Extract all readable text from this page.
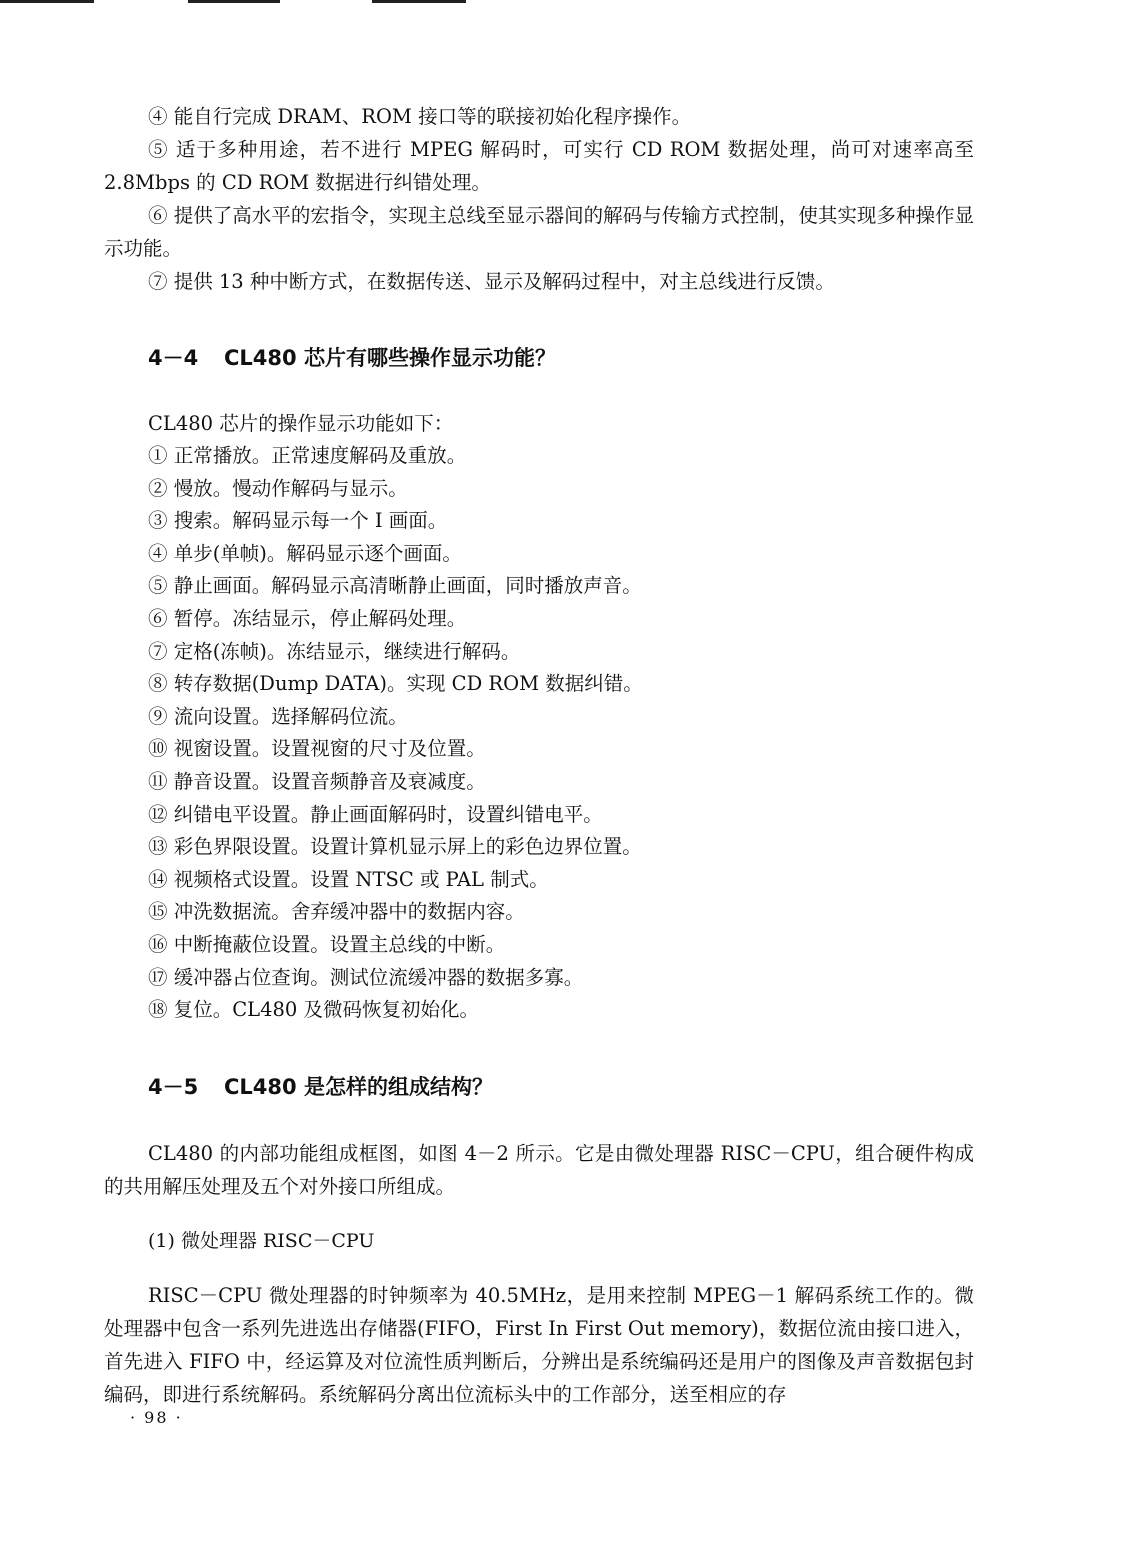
④ 能自行完成 DRAM、ROM 接口等的联接初始化程序操作。

⑤ 适于多种用途，若不进行 MPEG 解码时，可实行 CD ROM 数据处理，尚可对速率高至 2.8Mbps 的 CD ROM 数据进行纠错处理。

⑥ 提供了高水平的宏指令，实现主总线至显示器间的解码与传输方式控制，使其实现多种操作显示功能。

⑦ 提供 13 种中断方式，在数据传送、显示及解码过程中，对主总线进行反馈。

4－4 CL480 芯片有哪些操作显示功能？

CL480 芯片的操作显示功能如下：

① 正常播放。正常速度解码及重放。

② 慢放。慢动作解码与显示。

③ 搜索。解码显示每一个 I 画面。

④ 单步(单帧)。解码显示逐个画面。

⑤ 静止画面。解码显示高清晰静止画面，同时播放声音。

⑥ 暂停。冻结显示，停止解码处理。

⑦ 定格(冻帧)。冻结显示，继续进行解码。

⑧ 转存数据(Dump DATA)。实现 CD ROM 数据纠错。

⑨ 流向设置。选择解码位流。

⑩ 视窗设置。设置视窗的尺寸及位置。

⑪ 静音设置。设置音频静音及衰减度。

⑫ 纠错电平设置。静止画面解码时，设置纠错电平。

⑬ 彩色界限设置。设置计算机显示屏上的彩色边界位置。

⑭ 视频格式设置。设置 NTSC 或 PAL 制式。

⑮ 冲洗数据流。舍弃缓冲器中的数据内容。

⑯ 中断掩蔽位设置。设置主总线的中断。

⑰ 缓冲器占位查询。测试位流缓冲器的数据多寡。

⑱ 复位。CL480 及微码恢复初始化。

4－5 CL480 是怎样的组成结构？

CL480 的内部功能组成框图，如图 4－2 所示。它是由微处理器 RISC－CPU，组合硬件构成的共用解压处理及五个对外接口所组成。

(1) 微处理器 RISC－CPU

RISC－CPU 微处理器的时钟频率为 40.5MHz，是用来控制 MPEG－1 解码系统工作的。微处理器中包含一系列先进选出存储器(FIFO，First In First Out memory)，数据位流由接口进入，首先进入 FIFO 中，经运算及对位流性质判断后，分辨出是系统编码还是用户的图像及声音数据包封编码，即进行系统解码。系统解码分离出位流标头中的工作部分，送至相应的存

· 98 ·
